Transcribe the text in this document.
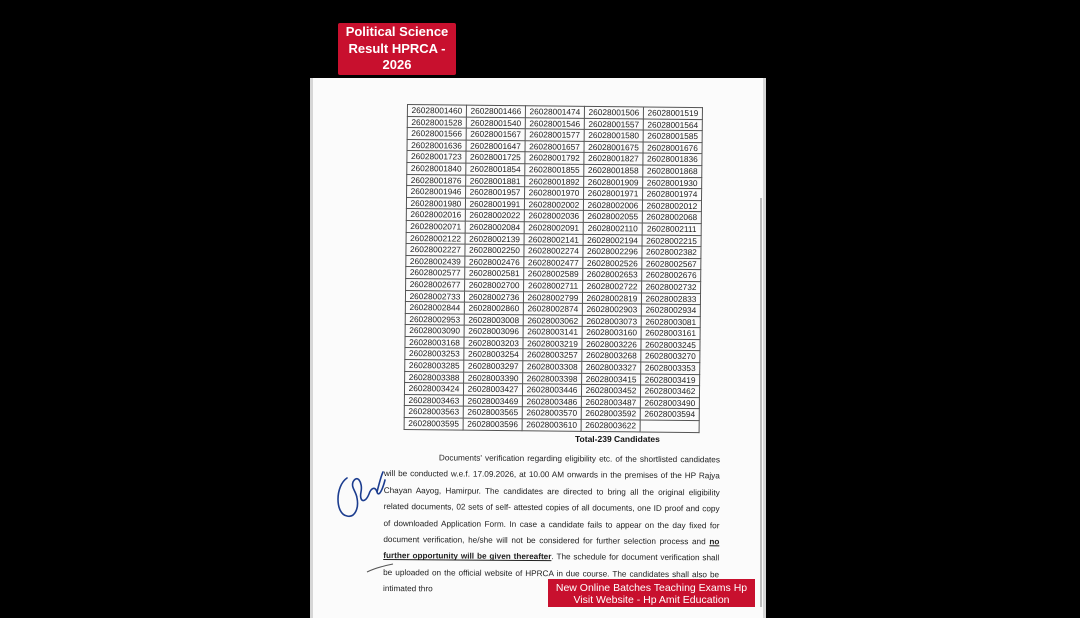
Political Science Result HPRCA - 2026
26028001460	26028001466	26028001474	26028001506	26028001519
26028001528	26028001540	26028001546	26028001557	26028001564
26028001566	26028001567	26028001577	26028001580	26028001585
26028001636	26028001647	26028001657	26028001675	26028001676
26028001723	26028001725	26028001792	26028001827	26028001836
26028001840	26028001854	26028001855	26028001858	26028001868
26028001876	26028001881	26028001892	26028001909	26028001930
26028001946	26028001957	26028001970	26028001971	26028001974
26028001980	26028001991	26028002002	26028002006	26028002012
26028002016	26028002022	26028002036	26028002055	26028002068
26028002071	26028002084	26028002091	26028002110	26028002111
26028002122	26028002139	26028002141	26028002194	26028002215
26028002227	26028002250	26028002274	26028002296	26028002382
26028002439	26028002476	26028002477	26028002526	26028002567
26028002577	26028002581	26028002589	26028002653	26028002676
26028002677	26028002700	26028002711	26028002722	26028002732
26028002733	26028002736	26028002799	26028002819	26028002833
26028002844	26028002860	26028002874	26028002903	26028002934
26028002953	26028003008	26028003062	26028003073	26028003081
26028003090	26028003096	26028003141	26028003160	26028003161
26028003168	26028003203	26028003219	26028003226	26028003245
26028003253	26028003254	26028003257	26028003268	26028003270
26028003285	26028003297	26028003308	26028003327	26028003353
26028003388	26028003390	26028003398	26028003415	26028003419
26028003424	26028003427	26028003446	26028003452	26028003462
26028003463	26028003469	26028003486	26028003487	26028003490
26028003563	26028003565	26028003570	26028003592	26028003594
26028003595	26028003596	26028003610	26028003622	
Total-239 Candidates

Documents' verification regarding eligibility etc. of the shortlisted candidates will be conducted w.e.f. 17.09.2026, at 10.00 AM onwards in the premises of the HP Rajya Chayan Aayog, Hamirpur. The candidates are directed to bring all the original eligibility related documents, 02 sets of self- attested copies of all documents, one ID proof and copy of downloaded Application Form. In case a candidate fails to appear on the day fixed for document verification, he/she will not be considered for further selection process and no further opportunity will be given thereafter. The schedule for document verification shall be uploaded on the official website of HPRCA in due course. The candidates shall also be intimated thro	New Online Batches Teaching Exams Hp
Visit Website - Hp Amit Education
